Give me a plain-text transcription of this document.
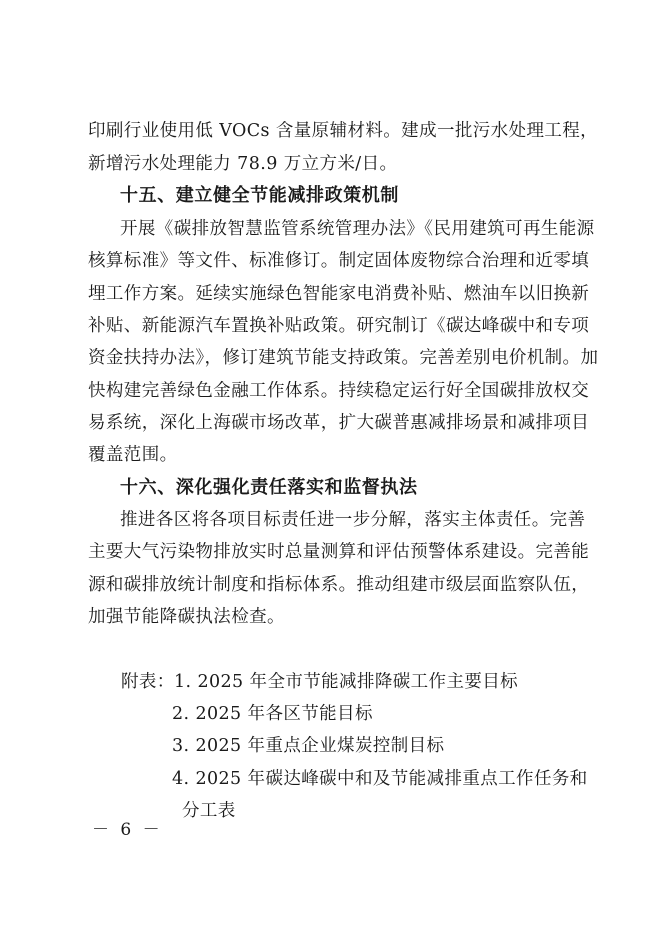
印刷行业使用低 VOCs 含量原辅材料。建成一批污水处理工程，
新增污水处理能力 78.9 万立方米/日。
十五、建立健全节能减排政策机制
开展《碳排放智慧监管系统管理办法》《民用建筑可再生能源
核算标准》等文件、标准修订。制定固体废物综合治理和近零填
埋工作方案。延续实施绿色智能家电消费补贴、燃油车以旧换新
补贴、新能源汽车置换补贴政策。研究制订《碳达峰碳中和专项
资金扶持办法》，修订建筑节能支持政策。完善差别电价机制。加
快构建完善绿色金融工作体系。持续稳定运行好全国碳排放权交
易系统，深化上海碳市场改革，扩大碳普惠减排场景和减排项目
覆盖范围。
十六、深化强化责任落实和监督执法
推进各区将各项目标责任进一步分解，落实主体责任。完善
主要大气污染物排放实时总量测算和评估预警体系建设。完善能
源和碳排放统计制度和指标体系。推动组建市级层面监察队伍，
加强节能降碳执法检查。
附表： 1. 2025 年全市节能减排降碳工作主要目标
2. 2025 年各区节能目标
3. 2025 年重点企业煤炭控制目标
4. 2025 年碳达峰碳中和及节能减排重点工作任务和
分工表
－ 6 －
